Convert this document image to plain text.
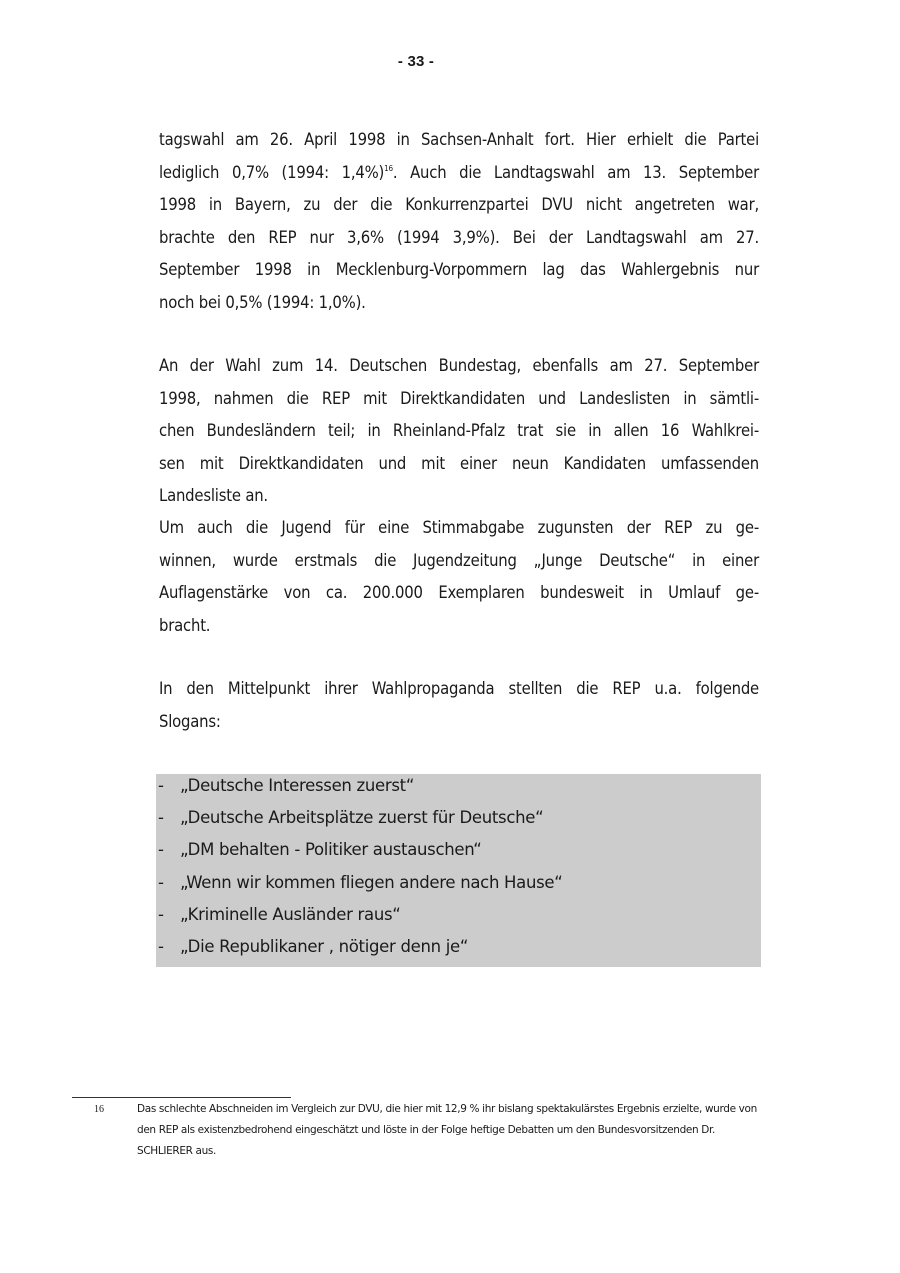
- 33 -
tagswahl am 26. April 1998 in Sachsen-Anhalt fort. Hier erhielt die Partei
lediglich 0,7% (1994: 1,4%)$^{16}$. Auch die Landtagswahl am 13. September
1998 in Bayern, zu der die Konkurrenzpartei DVU nicht angetreten war,
brachte den REP nur 3,6% (1994 3,9%). Bei der Landtagswahl am 27.
September 1998 in Mecklenburg-Vorpommern lag das Wahlergebnis nur
noch bei 0,5% (1994: 1,0%).
An der Wahl zum 14. Deutschen Bundestag, ebenfalls am 27. September
1998, nahmen die REP mit Direktkandidaten und Landeslisten in sämtli-
chen Bundesländern teil; in Rheinland-Pfalz trat sie in allen 16 Wahlkrei-
sen mit Direktkandidaten und mit einer neun Kandidaten umfassenden
Landesliste an.
Um auch die Jugend für eine Stimmabgabe zugunsten der REP zu ge-
winnen, wurde erstmals die Jugendzeitung „Junge Deutsche“ in einer
Auflagenstärke von ca. 200.000 Exemplaren bundesweit in Umlauf ge-
bracht.
In den Mittelpunkt ihrer Wahlpropaganda stellten die REP u.a. folgende
Slogans:
- „Deutsche Interessen zuerst“
- „Deutsche Arbeitsplätze zuerst für Deutsche“
- „DM behalten - Politiker austauschen“
- „Wenn wir kommen fliegen andere nach Hause“
- „Kriminelle Ausländer raus“
- „Die Republikaner , nötiger denn je“
16	Das schlechte Abschneiden im Vergleich zur DVU, die hier mit 12,9 % ihr bislang spektakulärstes Ergebnis erzielte, wurde von
den REP als existenzbedrohend eingeschätzt und löste in der Folge heftige Debatten um den Bundesvorsitzenden Dr.
SCHLIERER aus.
